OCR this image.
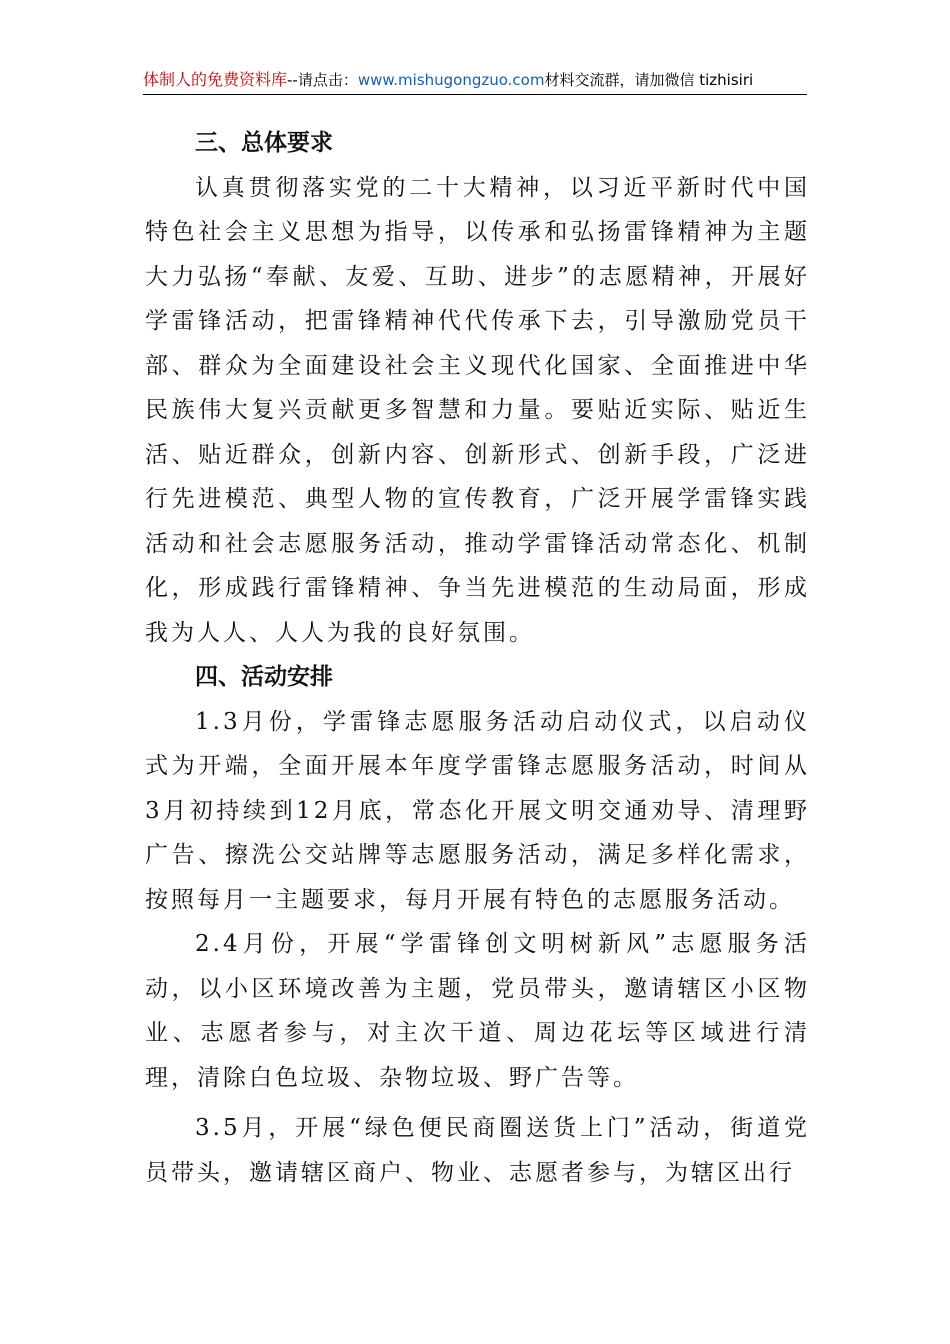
体制人的免费资料库--请点击：www.mishugongzuo.com材料交流群，请加微信 tizhisiri
三、总体要求

认真贯彻落实党的二十大精神，以习近平新时代中国特色社会主义思想为指导，以传承和弘扬雷锋精神为主题大力弘扬“奉献、友爱、互助、进步”的志愿精神，开展好学雷锋活动，把雷锋精神代代传承下去，引导激励党员干部、群众为全面建设社会主义现代化国家、全面推进中华民族伟大复兴贡献更多智慧和力量。要贴近实际、贴近生活、贴近群众，创新内容、创新形式、创新手段，广泛进行先进模范、典型人物的宣传教育，广泛开展学雷锋实践活动和社会志愿服务活动，推动学雷锋活动常态化、机制化，形成践行雷锋精神、争当先进模范的生动局面，形成我为人人、人人为我的良好氛围。

四、活动安排

1.3月份，学雷锋志愿服务活动启动仪式，以启动仪式为开端，全面开展本年度学雷锋志愿服务活动，时间从3月初持续到12月底，常态化开展文明交通劝导、清理野广告、擦洗公交站牌等志愿服务活动，满足多样化需求，按照每月一主题要求，每月开展有特色的志愿服务活动。

2.4月份，开展“学雷锋创文明树新风”志愿服务活动，以小区环境改善为主题，党员带头，邀请辖区小区物业、志愿者参与，对主次干道、周边花坛等区域进行清理，清除白色垃圾、杂物垃圾、野广告等。

3.5月，开展“绿色便民商圈送货上门”活动，街道党员带头，邀请辖区商户、物业、志愿者参与，为辖区出行
